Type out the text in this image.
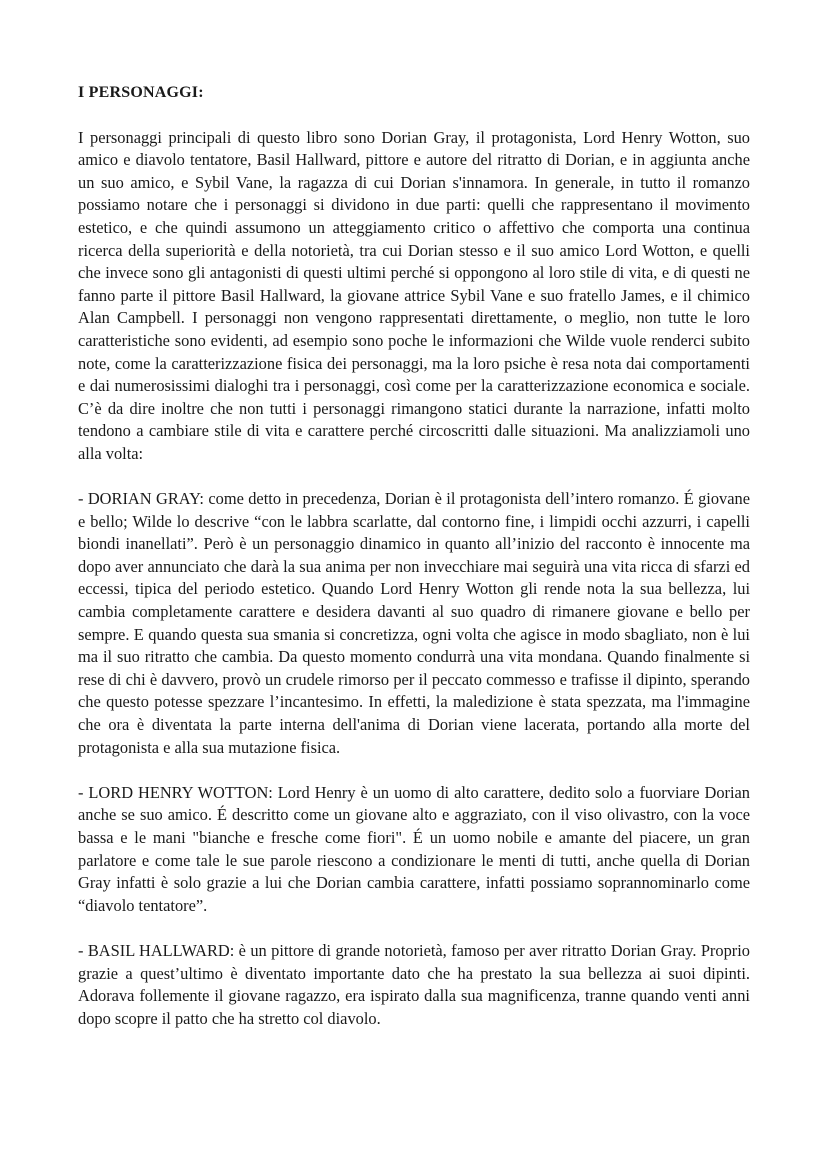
I PERSONAGGI:

I personaggi principali di questo libro sono Dorian Gray, il protagonista, Lord Henry Wotton, suo amico e diavolo tentatore, Basil Hallward, pittore e autore del ritratto di Dorian, e in aggiunta anche un suo amico, e Sybil Vane, la ragazza di cui Dorian s'innamora. In generale, in tutto il romanzo possiamo notare che i personaggi si dividono in due parti: quelli che rappresentano il movimento estetico, e che quindi assumono un atteggiamento critico o affettivo che comporta una continua ricerca della superiorità e della notorietà, tra cui Dorian stesso e il suo amico Lord Wotton, e quelli che invece sono gli antagonisti di questi ultimi perché si oppongono al loro stile di vita, e di questi ne fanno parte il pittore Basil Hallward, la giovane attrice Sybil Vane e suo fratello James, e il chimico Alan Campbell. I personaggi non vengono rappresentati direttamente, o meglio, non tutte le loro caratteristiche sono evidenti, ad esempio sono poche le informazioni che Wilde vuole renderci subito note, come la caratterizzazione fisica dei personaggi, ma la loro psiche è resa nota dai comportamenti e dai numerosissimi dialoghi tra i personaggi, così come per la caratterizzazione economica e sociale. C’è da dire inoltre che non tutti i personaggi rimangono statici durante la narrazione, infatti molto tendono a cambiare stile di vita e carattere perché circoscritti dalle situazioni. Ma analizziamoli uno alla volta:

- DORIAN GRAY: come detto in precedenza, Dorian è il protagonista dell’intero romanzo. É giovane e bello; Wilde lo descrive “con le labbra scarlatte, dal contorno fine, i limpidi occhi azzurri, i capelli biondi inanellati”. Però è un personaggio dinamico in quanto all’inizio del racconto è innocente ma dopo aver annunciato che darà la sua anima per non invecchiare mai seguirà una vita ricca di sfarzi ed eccessi, tipica del periodo estetico. Quando Lord Henry Wotton gli rende nota la sua bellezza, lui cambia completamente carattere e desidera davanti al suo quadro di rimanere giovane e bello per sempre. E quando questa sua smania si concretizza, ogni volta che agisce in modo sbagliato, non è lui ma il suo ritratto che cambia. Da questo momento condurrà una vita mondana. Quando finalmente si rese di chi è davvero, provò un crudele rimorso per il peccato commesso e trafisse il dipinto, sperando che questo potesse spezzare l’incantesimo. In effetti, la maledizione è stata spezzata, ma l'immagine che ora è diventata la parte interna dell'anima di Dorian viene lacerata, portando alla morte del protagonista e alla sua mutazione fisica.

- LORD HENRY WOTTON: Lord Henry è un uomo di alto carattere, dedito solo a fuorviare Dorian anche se suo amico. É descritto come un giovane alto e aggraziato, con il viso olivastro, con la voce bassa e le mani "bianche e fresche come fiori". É un uomo nobile e amante del piacere, un gran parlatore e come tale le sue parole riescono a condizionare le menti di tutti, anche quella di Dorian Gray infatti è solo grazie a lui che Dorian cambia carattere, infatti possiamo soprannominarlo come “diavolo tentatore”.

- BASIL HALLWARD: è un pittore di grande notorietà, famoso per aver ritratto Dorian Gray. Proprio grazie a quest’ultimo è diventato importante dato che ha prestato la sua bellezza ai suoi dipinti. Adorava follemente il giovane ragazzo, era ispirato dalla sua magnificenza, tranne quando venti anni dopo scopre il patto che ha stretto col diavolo.
